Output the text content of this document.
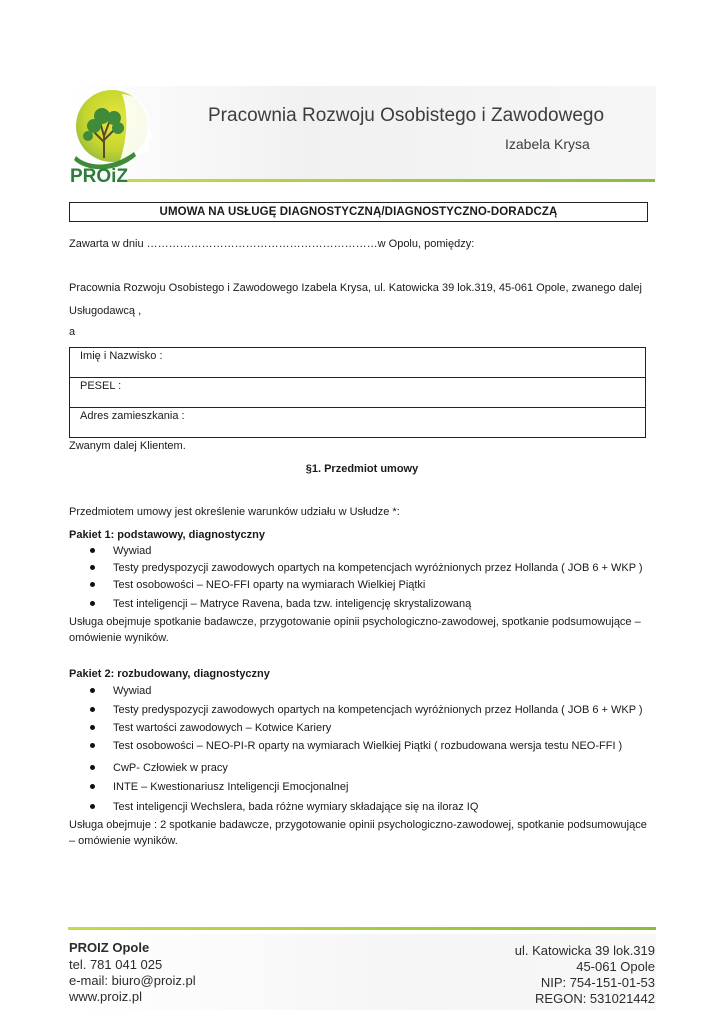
PROiZ
Pracownia Rozwoju Osobistego i Zawodowego
Izabela Krysa
UMOWA NA USŁUGĘ DIAGNOSTYCZNĄ/DIAGNOSTYCZNO-DORADCZĄ
Zawarta w dniu ………………………………………………………w Opolu, pomiędzy:
Pracownia Rozwoju Osobistego i Zawodowego Izabela Krysa, ul. Katowicka 39 lok.319, 45-061 Opole, zwanego dalej
Usługodawcą ,
a
Imię i Nazwisko :
PESEL :
Adres zamieszkania :
Zwanym dalej Klientem.
§1. Przedmiot umowy
Przedmiotem umowy jest określenie warunków udziału w Usłudze *:
Pakiet 1: podstawowy, diagnostyczny
Wywiad
Testy predyspozycji zawodowych opartych na kompetencjach wyróżnionych przez Hollanda ( JOB 6 + WKP )
Test osobowości – NEO-FFI oparty na wymiarach Wielkiej Piątki
Test inteligencji – Matryce Ravena, bada tzw. inteligencję skrystalizowaną
Usługa obejmuje spotkanie badawcze, przygotowanie opinii psychologiczno-zawodowej, spotkanie podsumowujące –
omówienie wyników.
Pakiet 2: rozbudowany, diagnostyczny
Wywiad
Testy predyspozycji zawodowych opartych na kompetencjach wyróżnionych przez Hollanda ( JOB 6 + WKP )
Test wartości zawodowych – Kotwice Kariery
Test osobowości – NEO-PI-R oparty na wymiarach Wielkiej Piątki ( rozbudowana wersja testu NEO-FFI )
CwP- Człowiek w pracy
INTE – Kwestionariusz Inteligencji Emocjonalnej
Test inteligencji Wechslera, bada różne wymiary składające się na iloraz IQ
Usługa obejmuje : 2 spotkanie badawcze, przygotowanie opinii psychologiczno-zawodowej, spotkanie podsumowujące
– omówienie wyników.
PROIZ Opole
tel. 781 041 025
e-mail: biuro@proiz.pl
www.proiz.pl
ul. Katowicka 39 lok.319
45-061 Opole
NIP: 754-151-01-53
REGON: 531021442
